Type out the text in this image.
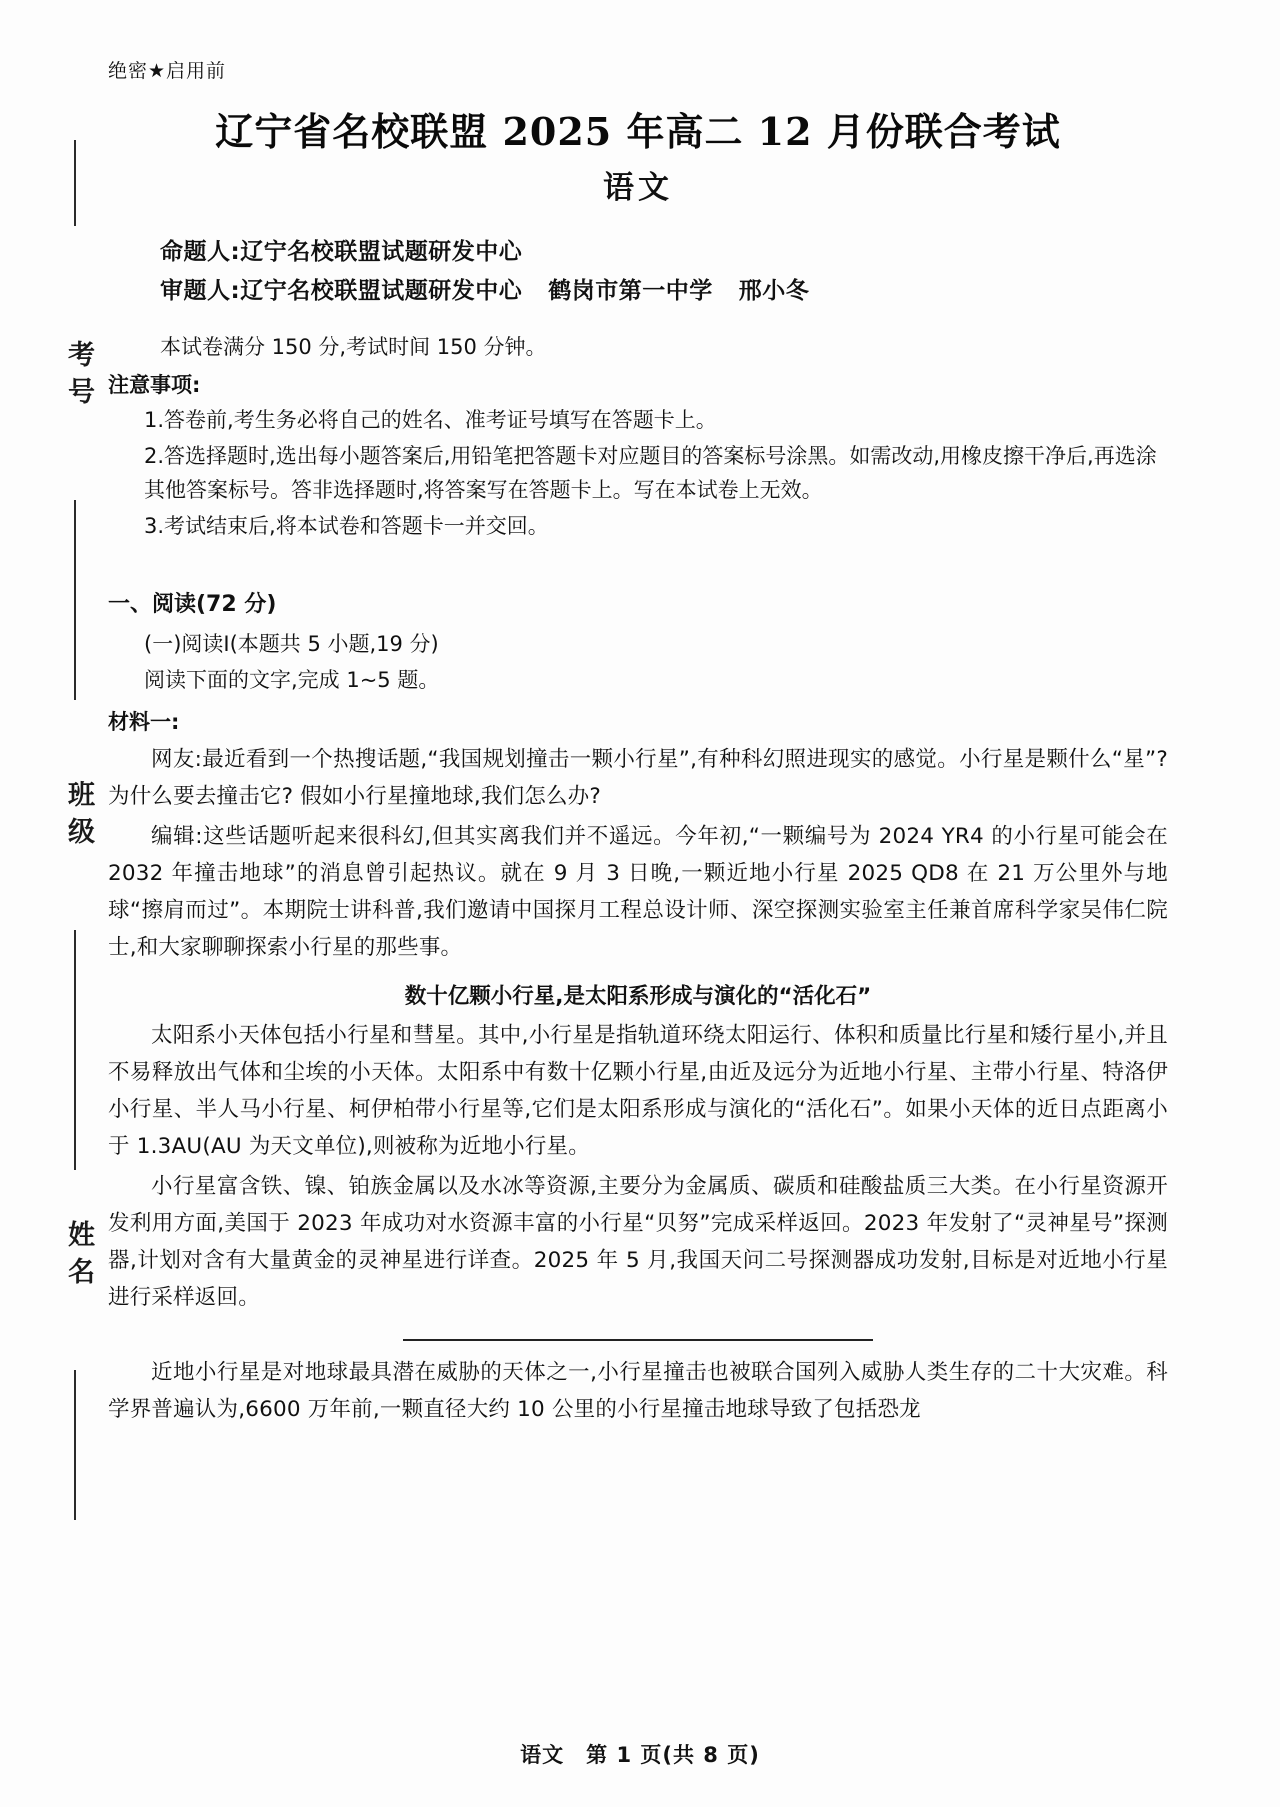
考号
班级
姓名
绝密★启用前
辽宁省名校联盟 2025 年高二 12 月份联合考试
语文
命题人:辽宁名校联盟试题研发中心
审题人:辽宁名校联盟试题研发中心 鹤岗市第一中学 邢小冬
本试卷满分 150 分,考试时间 150 分钟。
注意事项:
1.答卷前,考生务必将自己的姓名、准考证号填写在答题卡上。
2.答选择题时,选出每小题答案后,用铅笔把答题卡对应题目的答案标号涂黑。如需改动,用橡皮擦干净后,再选涂其他答案标号。答非选择题时,将答案写在答题卡上。写在本试卷上无效。
3.考试结束后,将本试卷和答题卡一并交回。
一、阅读(72 分)
(一)阅读Ⅰ(本题共 5 小题,19 分)
阅读下面的文字,完成 1~5 题。
材料一:

网友:最近看到一个热搜话题,“我国规划撞击一颗小行星”,有种科幻照进现实的感觉。小行星是颗什么“星”? 为什么要去撞击它? 假如小行星撞地球,我们怎么办?

编辑:这些话题听起来很科幻,但其实离我们并不遥远。今年初,“一颗编号为 2024 YR4 的小行星可能会在 2032 年撞击地球”的消息曾引起热议。就在 9 月 3 日晚,一颗近地小行星 2025 QD8 在 21 万公里外与地球“擦肩而过”。本期院士讲科普,我们邀请中国探月工程总设计师、深空探测实验室主任兼首席科学家吴伟仁院士,和大家聊聊探索小行星的那些事。

数十亿颗小行星,是太阳系形成与演化的“活化石”

太阳系小天体包括小行星和彗星。其中,小行星是指轨道环绕太阳运行、体积和质量比行星和矮行星小,并且不易释放出气体和尘埃的小天体。太阳系中有数十亿颗小行星,由近及远分为近地小行星、主带小行星、特洛伊小行星、半人马小行星、柯伊柏带小行星等,它们是太阳系形成与演化的“活化石”。如果小天体的近日点距离小于 1.3AU(AU 为天文单位),则被称为近地小行星。

小行星富含铁、镍、铂族金属以及水冰等资源,主要分为金属质、碳质和硅酸盐质三大类。在小行星资源开发利用方面,美国于 2023 年成功对水资源丰富的小行星“贝努”完成采样返回。2023 年发射了“灵神星号”探测器,计划对含有大量黄金的灵神星进行详查。2025 年 5 月,我国天问二号探测器成功发射,目标是对近地小行星进行采样返回。

近地小行星是对地球最具潜在威胁的天体之一,小行星撞击也被联合国列入威胁人类生存的二十大灾难。科学界普遍认为,6600 万年前,一颗直径大约 10 公里的小行星撞击地球导致了包括恐龙

语文 第 1 页(共 8 页)
